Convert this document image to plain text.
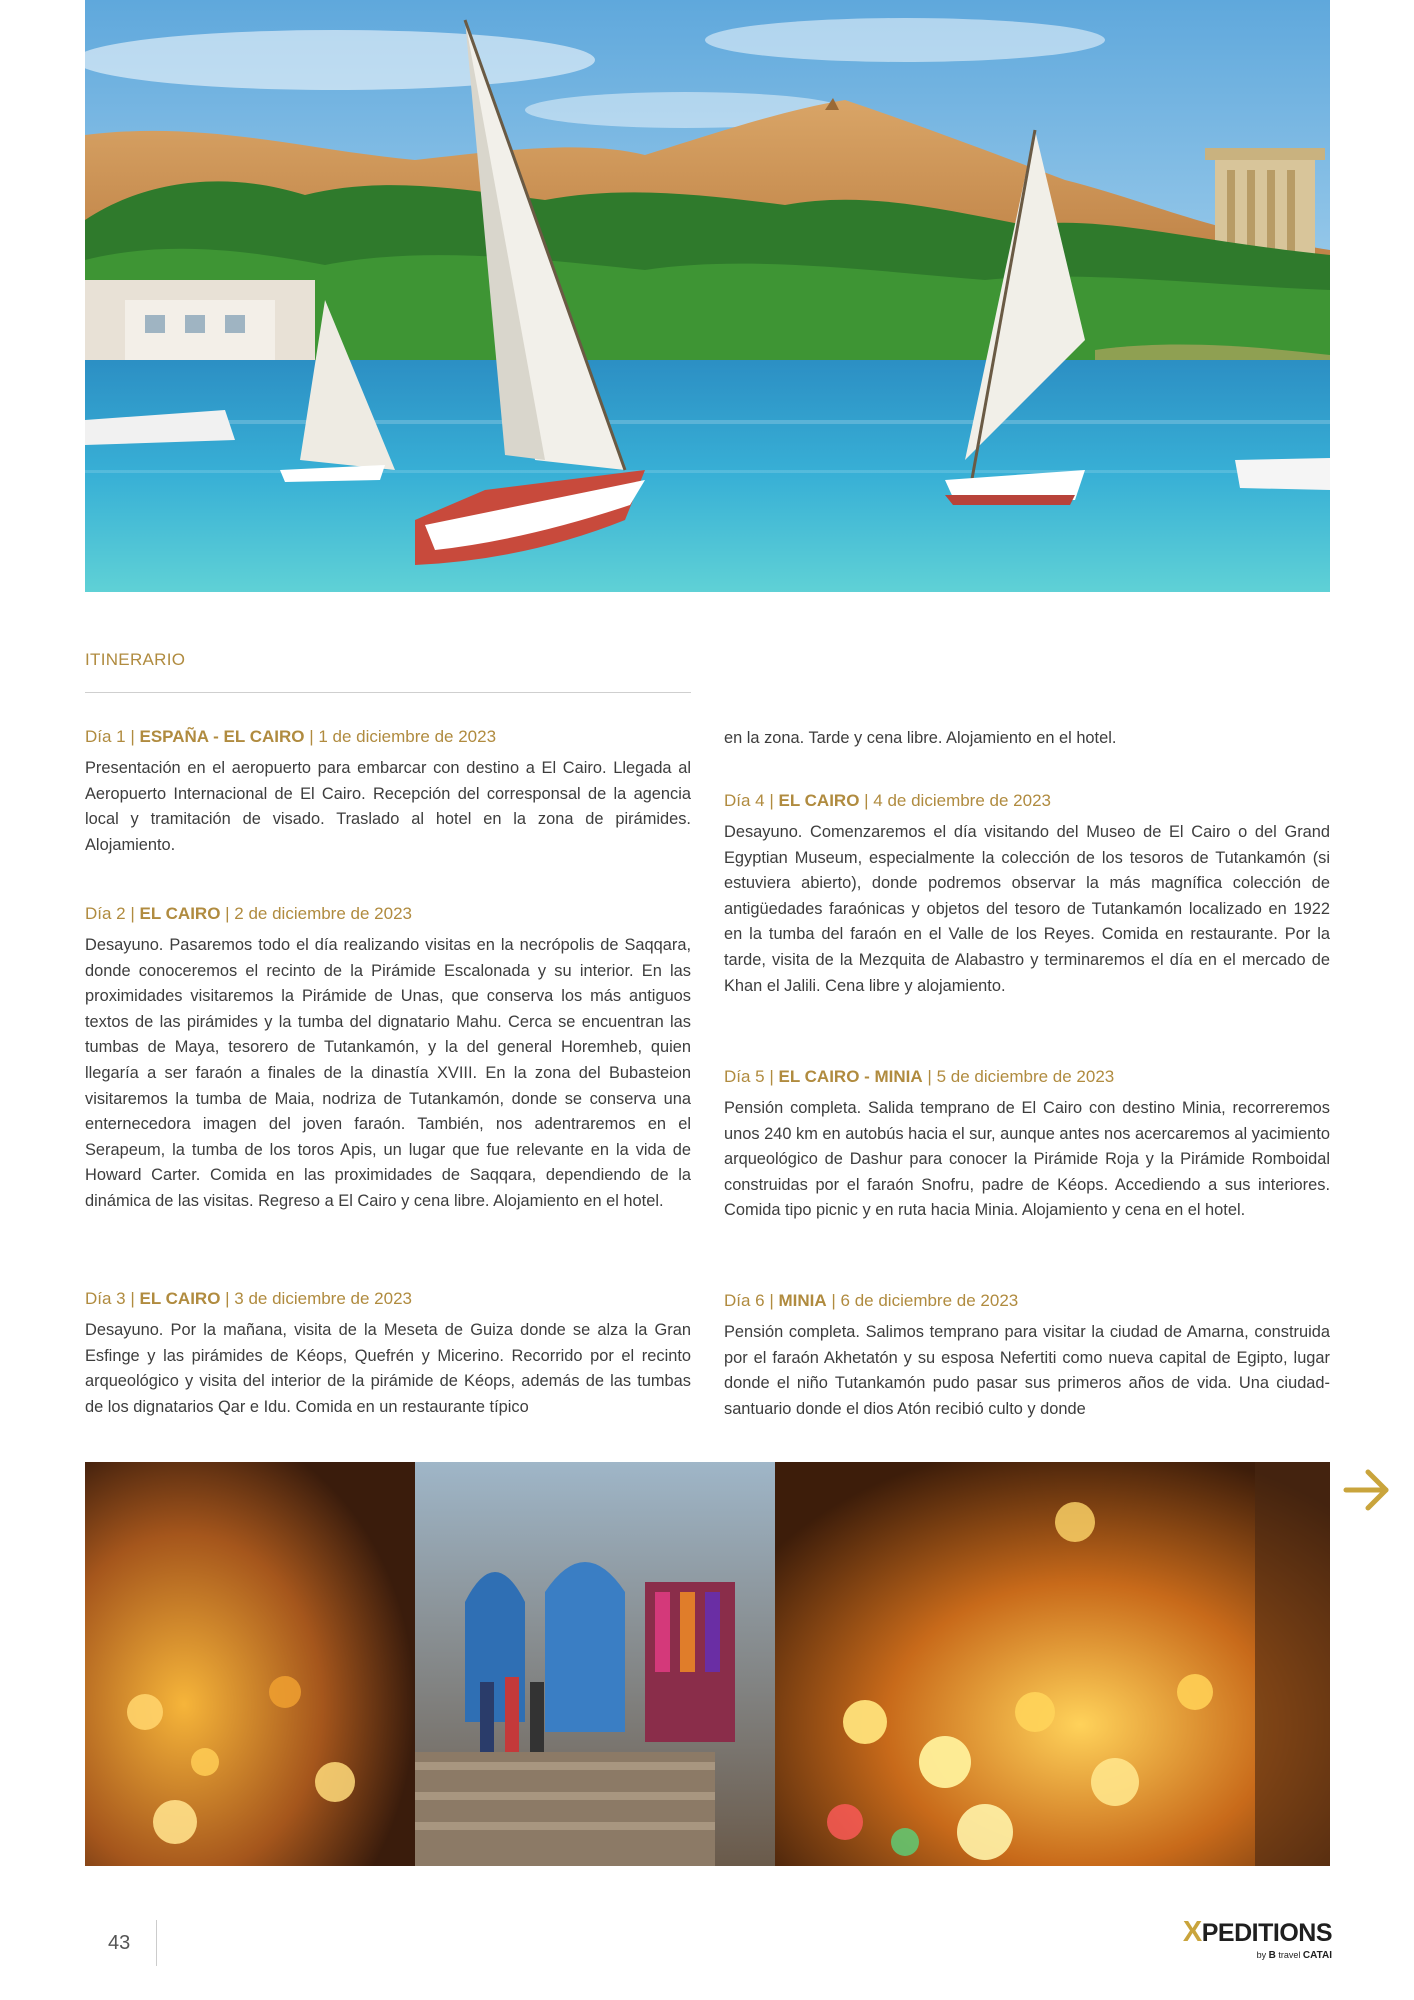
ITINERARIO
Día 1 | ESPAÑA - EL CAIRO | 1 de diciembre de 2023
Presentación en el aeropuerto para embarcar con destino a El Cairo. Llegada al Aeropuerto Internacional de El Cairo. Recepción del corresponsal de la agencia local y tramitación de visado. Traslado al hotel en la zona de pirámides. Alojamiento.
Día 2 | EL CAIRO | 2 de diciembre de 2023
Desayuno. Pasaremos todo el día realizando visitas en la necrópolis de Saqqara, donde conoceremos el recinto de la Pirámide Escalonada y su interior. En las proximidades visitaremos la Pirámide de Unas, que conserva los más antiguos textos de las pirámides y la tumba del dignatario Mahu. Cerca se encuentran las tumbas de Maya, tesorero de Tutankamón, y la del general Horemheb, quien llegaría a ser faraón a finales de la dinastía XVIII. En la zona del Bubasteion visitaremos la tumba de Maia, nodriza de Tutankamón, donde se conserva una enternecedora imagen del joven faraón. También, nos adentraremos en el Serapeum, la tumba de los toros Apis, un lugar que fue relevante en la vida de Howard Carter. Comida en las proximidades de Saqqara, dependiendo de la dinámica de las visitas. Regreso a El Cairo y cena libre. Alojamiento en el hotel.
Día 3 | EL CAIRO | 3 de diciembre de 2023
Desayuno. Por la mañana, visita de la Meseta de Guiza donde se alza la Gran Esfinge y las pirámides de Kéops, Quefrén y Micerino. Recorrido por el recinto arqueológico y visita del interior de la pirámide de Kéops, además de las tumbas de los dignatarios Qar e Idu. Comida en un restaurante típico
en la zona. Tarde y cena libre. Alojamiento en el hotel.
Día 4 | EL CAIRO | 4 de diciembre de 2023
Desayuno. Comenzaremos el día visitando del Museo de El Cairo o del Grand Egyptian Museum, especialmente la colección de los tesoros de Tutankamón (si estuviera abierto), donde podremos observar la más magnífica colección de antigüedades faraónicas y objetos del tesoro de Tutankamón localizado en 1922 en la tumba del faraón en el Valle de los Reyes. Comida en restaurante. Por la tarde, visita de la Mezquita de Alabastro y terminaremos el día en el mercado de Khan el Jalili. Cena libre y alojamiento.
Día 5 | EL CAIRO - MINIA | 5 de diciembre de 2023
Pensión completa. Salida temprano de El Cairo con destino Minia, recorreremos unos 240 km en autobús hacia el sur, aunque antes nos acercaremos al yacimiento arqueológico de Dashur para conocer la Pirámide Roja y la Pirámide Romboidal construidas por el faraón Snofru, padre de Kéops. Accediendo a sus interiores. Comida tipo picnic y en ruta hacia Minia. Alojamiento y cena en el hotel.
Día 6 | MINIA | 6 de diciembre de 2023
Pensión completa. Salimos temprano para visitar la ciudad de Amarna, construida por el faraón Akhetatón y su esposa Nefertiti como nueva capital de Egipto, lugar donde el niño Tutankamón pudo pasar sus primeros años de vida. Una ciudad-santuario donde el dios Atón recibió culto y donde
43	XPEDITIONS
by B travel CATAI
